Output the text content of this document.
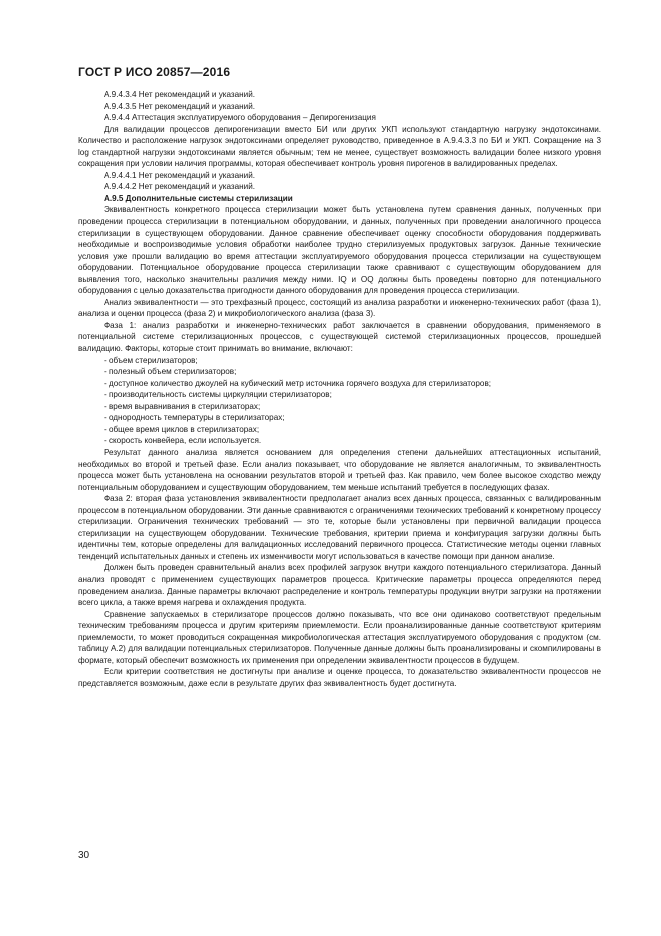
ГОСТ Р ИСО 20857—2016

А.9.4.3.4 Нет рекомендаций и указаний.

А.9.4.3.5 Нет рекомендаций и указаний.

А.9.4.4 Аттестация эксплуатируемого оборудования – Депирогенизация

Для валидации процессов депирогенизации вместо БИ или других УКП используют стандартную нагрузку эндотоксинами. Количество и расположение нагрузок эндотоксинами определяет руководство, приведенное в А.9.4.3.3 по БИ и УКП. Сокращение на 3 log стандартной нагрузки эндотоксинами является обычным; тем не менее, существует возможность валидации более низкого уровня сокращения при условии наличия программы, которая обеспечивает контроль уровня пирогенов в валидированных пределах.

А.9.4.4.1 Нет рекомендаций и указаний.

А.9.4.4.2 Нет рекомендаций и указаний.

А.9.5 Дополнительные системы стерилизации

Эквивалентность конкретного процесса стерилизации может быть установлена путем сравнения данных, полученных при проведении процесса стерилизации в потенциальном оборудовании, и данных, полученных при проведении аналогичного процесса стерилизации в существующем оборудовании. Данное сравнение обеспечивает оценку способности оборудования поддерживать необходимые и воспроизводимые условия обработки наиболее трудно стерилизуемых продуктовых загрузок. Данные технические условия уже прошли валидацию во время аттестации эксплуатируемого оборудования процесса стерилизации на существующем оборудовании. Потенциальное оборудование процесса стерилизации также сравнивают с существующим оборудованием для выявления того, насколько значительны различия между ними. IQ и OQ должны быть проведены повторно для потенциального оборудования с целью доказательства пригодности данного оборудования для проведения процесса стерилизации.

Анализ эквивалентности — это трехфазный процесс, состоящий из анализа разработки и инженерно-технических работ (фаза 1), анализа и оценки процесса (фаза 2) и микробиологического анализа (фаза 3).

Фаза 1: анализ разработки и инженерно-технических работ заключается в сравнении оборудования, применяемого в потенциальной системе стерилизационных процессов, с существующей системой стерилизационных процессов, прошедшей валидацию. Факторы, которые стоит принимать во внимание, включают:

- объем стерилизаторов;

- полезный объем стерилизаторов;

- доступное количество джоулей на кубический метр источника горячего воздуха для стерилизаторов;

- производительность системы циркуляции стерилизаторов;

- время выравнивания в стерилизаторах;

- однородность температуры в стерилизаторах;

- общее время циклов в стерилизаторах;

- скорость конвейера, если используется.

Результат данного анализа является основанием для определения степени дальнейших аттестационных испытаний, необходимых во второй и третьей фазе. Если анализ показывает, что оборудование не является аналогичным, то эквивалентность процесса может быть установлена на основании результатов второй и третьей фаз. Как правило, чем более высокое сходство между потенциальным оборудованием и существующим оборудованием, тем меньше испытаний требуется в последующих фазах.

Фаза 2: вторая фаза установления эквивалентности предполагает анализ всех данных процесса, связанных с валидированным процессом в потенциальном оборудовании. Эти данные сравниваются с ограничениями технических требований к конкретному процессу стерилизации. Ограничения технических требований — это те, которые были установлены при первичной валидации процесса стерилизации на существующем оборудовании. Технические требования, критерии приема и конфигурация загрузки должны быть идентичны тем, которые определены для валидационных исследований первичного процесса. Статистические методы оценки главных тенденций испытательных данных и степень их изменчивости могут использоваться в качестве помощи при данном анализе.

Должен быть проведен сравнительный анализ всех профилей загрузок внутри каждого потенциального стерилизатора. Данный анализ проводят с применением существующих параметров процесса. Критические параметры процесса определяются перед проведением анализа. Данные параметры включают распределение и контроль температуры продукции внутри загрузки на протяжении всего цикла, а также время нагрева и охлаждения продукта.

Сравнение запускаемых в стерилизаторе процессов должно показывать, что все они одинаково соответствуют предельным техническим требованиям процесса и другим критериям приемлемости. Если проанализированные данные соответствуют критериям приемлемости, то может проводиться сокращенная микробиологическая аттестация эксплуатируемого оборудования с продуктом (см. таблицу А.2) для валидации потенциальных стерилизаторов. Полученные данные должны быть проанализированы и скомпилированы в формате, который обеспечит возможность их применения при определении эквивалентности процессов в будущем.

Если критерии соответствия не достигнуты при анализе и оценке процесса, то доказательство эквивалентности процессов не представляется возможным, даже если в результате других фаз эквивалентность будет достигнута.

30
